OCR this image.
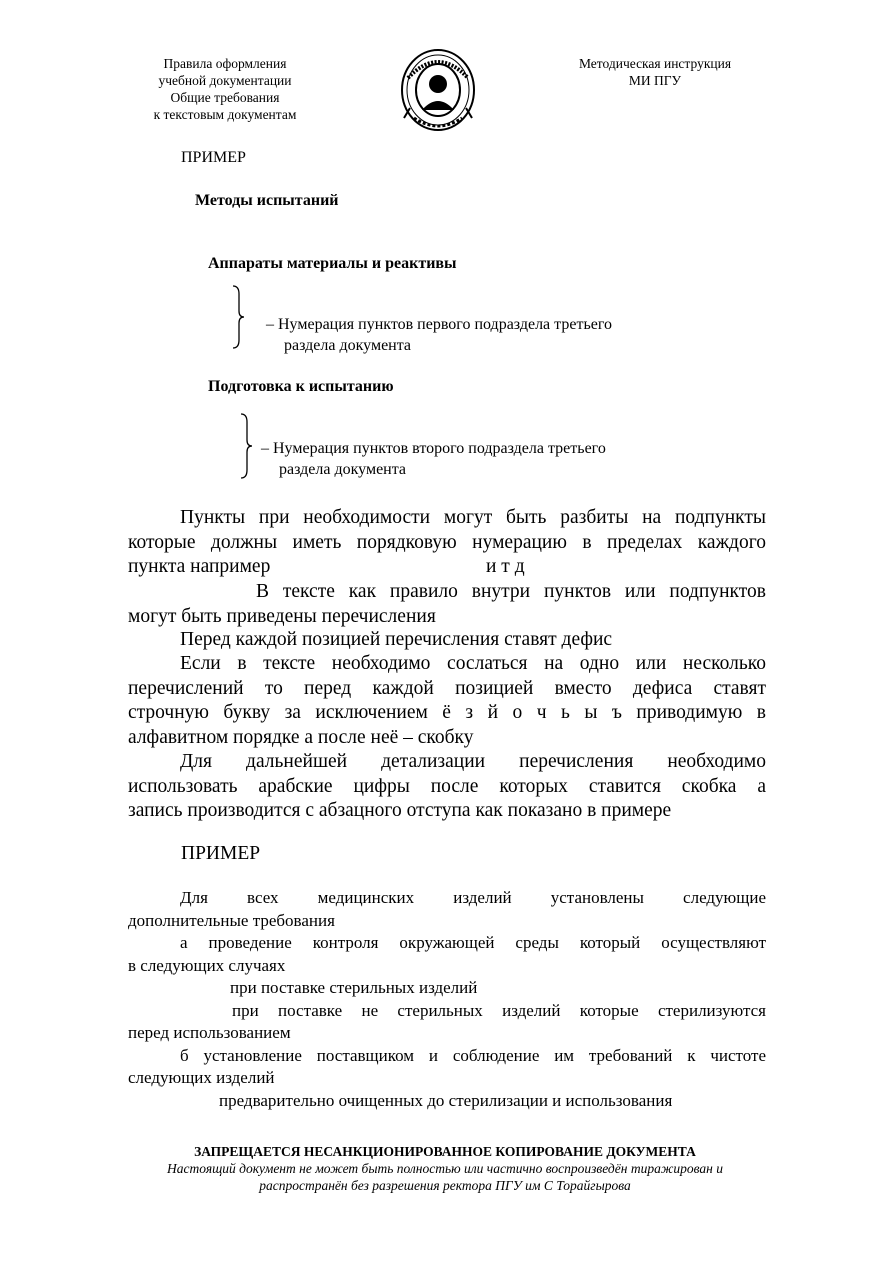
Правила оформления
учебной документации
Общие требования
к текстовым документам
Методическая инструкция
МИ ПГУ
ПРИМЕР
Методы испытаний
Аппараты материалы и реактивы
– Нумерация пунктов первого подраздела третьего
раздела документа
Подготовка к испытанию
– Нумерация пунктов второго подраздела третьего
раздела документа
Пункты при необходимости могут быть разбиты на подпункты
которые должны иметь порядковую нумерацию в пределах каждого
пункта например	и т д
В тексте как правило внутри пунктов или подпунктов
могут быть приведены перечисления
Перед каждой позицией перечисления ставят дефис
Если в тексте необходимо сослаться на одно или несколько
перечислений то перед каждой позицией вместо дефиса ставят
строчную букву за исключением ё з й о ч ь ы ъ приводимую в
алфавитном порядке а после неё – скобку
Для дальнейшей детализации перечисления необходимо
использовать арабские цифры после которых ставится скобка а
запись производится с абзацного отступа как показано в примере
ПРИМЕР
Для всех медицинских изделий установлены следующие
дополнительные требования
а проведение контроля окружающей среды который осуществляют
в следующих случаях
при поставке стерильных изделий
при поставке не стерильных изделий которые стерилизуются
перед использованием
б установление поставщиком и соблюдение им требований к чистоте
следующих изделий
предварительно очищенных до стерилизации и использования
ЗАПРЕЩАЕТСЯ НЕСАНКЦИОНИРОВАННОЕ КОПИРОВАНИЕ ДОКУМЕНТА
Настоящий документ не может быть полностью или частично воспроизведён тиражирован и
распространён без разрешения ректора ПГУ им С Торайгырова
